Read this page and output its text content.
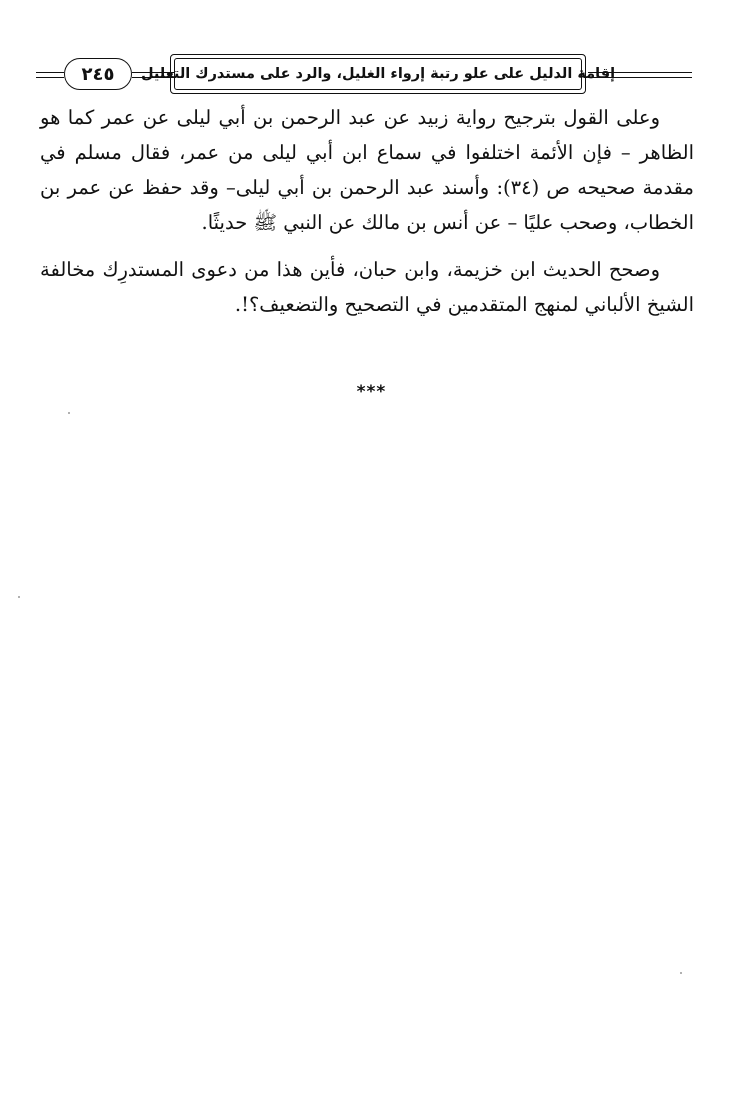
٢٤٥	إقامة الدليل على علو رتبة إرواء الغليل، والرد على مستدرك التعليل

وعلى القول بترجيح رواية زبيد عن عبد الرحمن بن أبي ليلى عن عمر كما هو الظاهر – فإن الأئمة اختلفوا في سماع ابن أبي ليلى من عمر، فقال مسلم في مقدمة صحيحه ص (٣٤): وأسند عبد الرحمن بن أبي ليلى– وقد حفظ عن عمر بن الخطاب، وصحب عليًا – عن أنس بن مالك عن النبي ﷺ حديثًا.

وصحح الحديث ابن خزيمة، وابن حبان، فأين هذا من دعوى المستدرِك مخالفة الشيخ الألباني لمنهج المتقدمين في التصحيح والتضعيف؟!.

***
